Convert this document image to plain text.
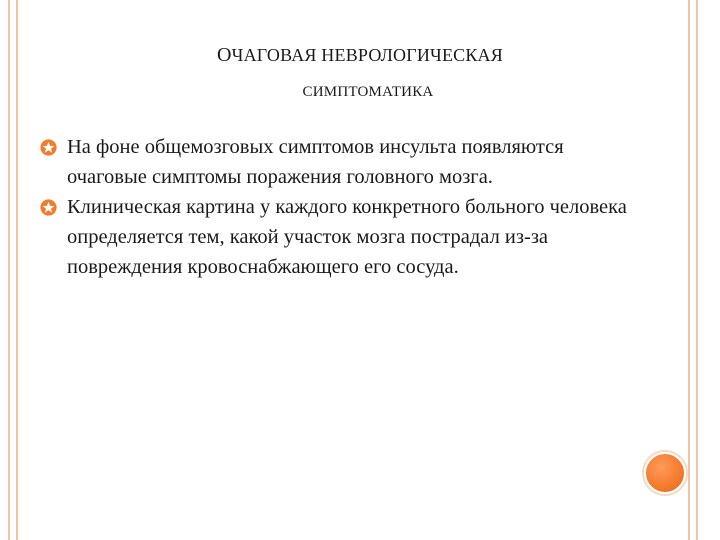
ОЧАГОВАЯ НЕВРОЛОГИЧЕСКАЯ
СИМПТОМАТИКА
На фоне общемозговых симптомов инсульта появляются очаговые симптомы поражения головного мозга.
Клиническая картина у каждого конкретного больного человека определяется тем, какой участок мозга пострадал из-за повреждения кровоснабжающего его сосуда.
